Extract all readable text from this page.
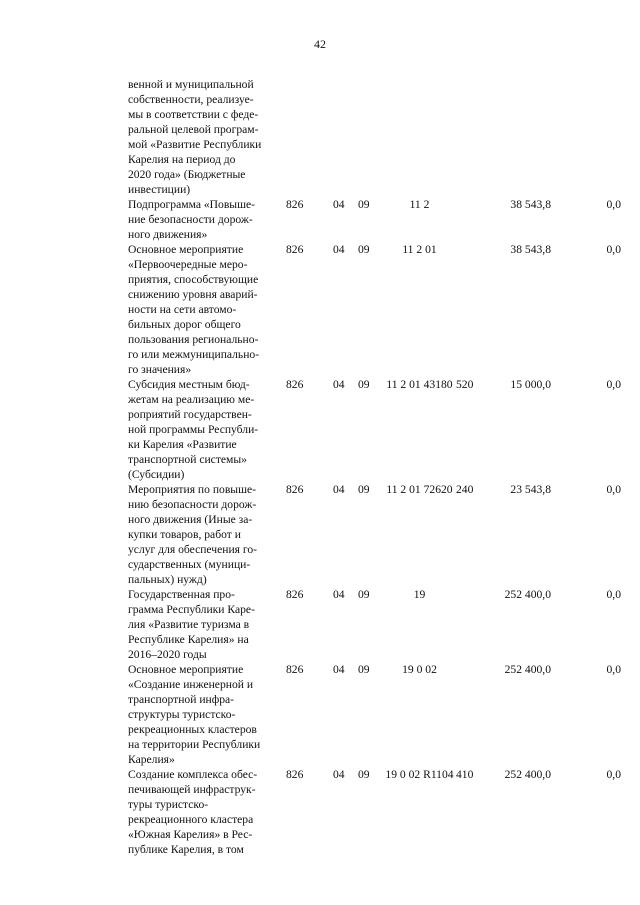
42
венной и муниципальной
собственности, реализуе-
мы в соответствии с феде-
ральной целевой програм-
мой «Развитие Республики
Карелия на период до
2020 года» (Бюджетные
инвестиции)
Подпрограмма «Повыше-
ние безопасности дорож-
ного движения»
826	04	09	11 2	38 543,8	0,0
Основное мероприятие
«Первоочередные меро-
приятия, способствующие
снижению уровня аварий-
ности на сети автомо-
бильных дорог общего
пользования регионально-
го или межмуниципально-
го значения»
826	04	09	11 2 01	38 543,8	0,0
Субсидия местным бюд-
жетам на реализацию ме-
роприятий государствен-
ной программы Республи-
ки Карелия «Развитие
транспортной системы»
(Субсидии)
826	04	09	11 2 01 43180 520	15 000,0	0,0
Мероприятия по повыше-
нию безопасности дорож-
ного движения (Иные за-
купки товаров, работ и
услуг для обеспечения го-
сударственных (муници-
пальных) нужд)
826	04	09	11 2 01 72620 240	23 543,8	0,0
Государственная про-
грамма Республики Каре-
лия «Развитие туризма в
Республике Карелия» на
2016–2020 годы
826	04	09	19	252 400,0	0,0
Основное мероприятие
«Создание инженерной и
транспортной инфра-
структуры туристско-
рекреационных кластеров
на территории Республики
Карелия»
826	04	09	19 0 02	252 400,0	0,0
Создание комплекса обес-
печивающей инфраструк-
туры туристско-
рекреационного кластера
«Южная Карелия» в Рес-
публике Карелия, в том
826	04	09	19 0 02 R1104 410	252 400,0	0,0
